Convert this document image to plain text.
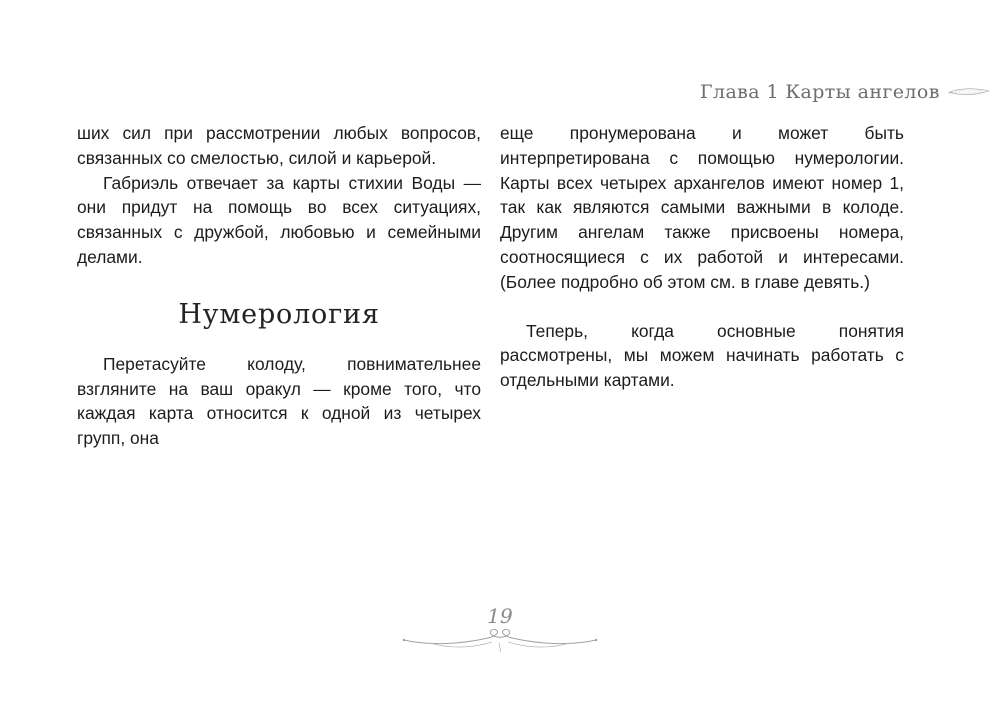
Глава 1 Карты ангелов

ших сил при рассмотрении любых вопросов, связанных со смелостью, силой и карьерой.

Габриэль отвечает за карты стихии Воды — они придут на помощь во всех ситуациях, связанных с дружбой, любовью и семейными делами.

Нумерология

Перетасуйте колоду, повнимательнее взгляните на ваш оракул — кроме того, что каждая карта относится к одной из четырех групп, она

еще пронумерована и может быть интерпретирована с помощью нумерологии. Карты всех четырех архангелов имеют номер 1, так как являются самыми важными в колоде. Другим ангелам также присвоены номера, соотносящиеся с их работой и интересами. (Более подробно об этом см. в главе девять.)

Теперь, когда основные понятия рассмотрены, мы можем начинать работать с отдельными картами.

19
